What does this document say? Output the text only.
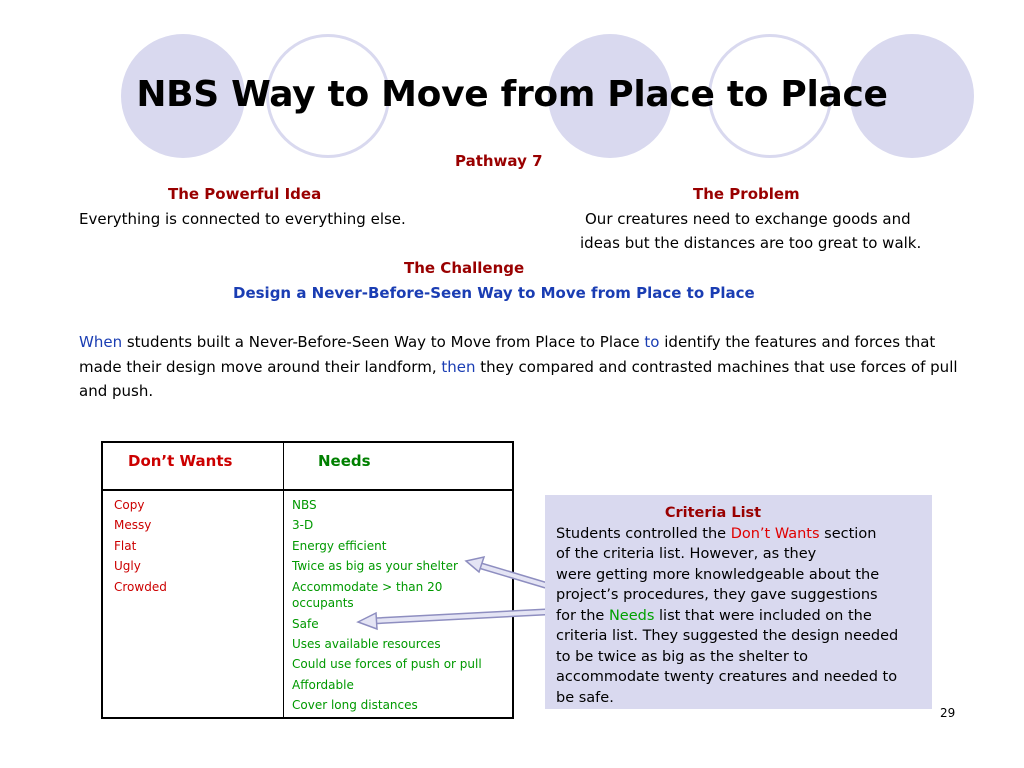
NBS Way to Move from Place to Place
Pathway 7
The Powerful Idea
Everything is connected to everything else.
The Problem
Our creatures need to exchange goods and
ideas but the distances are too great to walk.
The Challenge
Design a Never-Before-Seen Way to Move from Place to Place
When students built a Never-Before-Seen Way to Move from Place to Place to identify the features and forces that made their design move around their landform, then they compared and contrasted machines that use forces of pull and push.
Don’t Wants	Needs
Copy
Messy
Flat
Ugly
Crowded
NBS
3-D
Energy efficient
Twice as big as your shelter
Accommodate > than 20 occupants
Safe
Uses available resources
Could use forces of push or pull
Affordable
Cover long distances
Criteria List
Students controlled the Don’t Wants section
of the criteria list. However, as they
were getting more knowledgeable about the
project’s procedures, they gave suggestions
for the Needs list that were included on the
criteria list. They suggested the design needed
to be twice as big as the shelter to
accommodate twenty creatures and needed to
be safe.
29
